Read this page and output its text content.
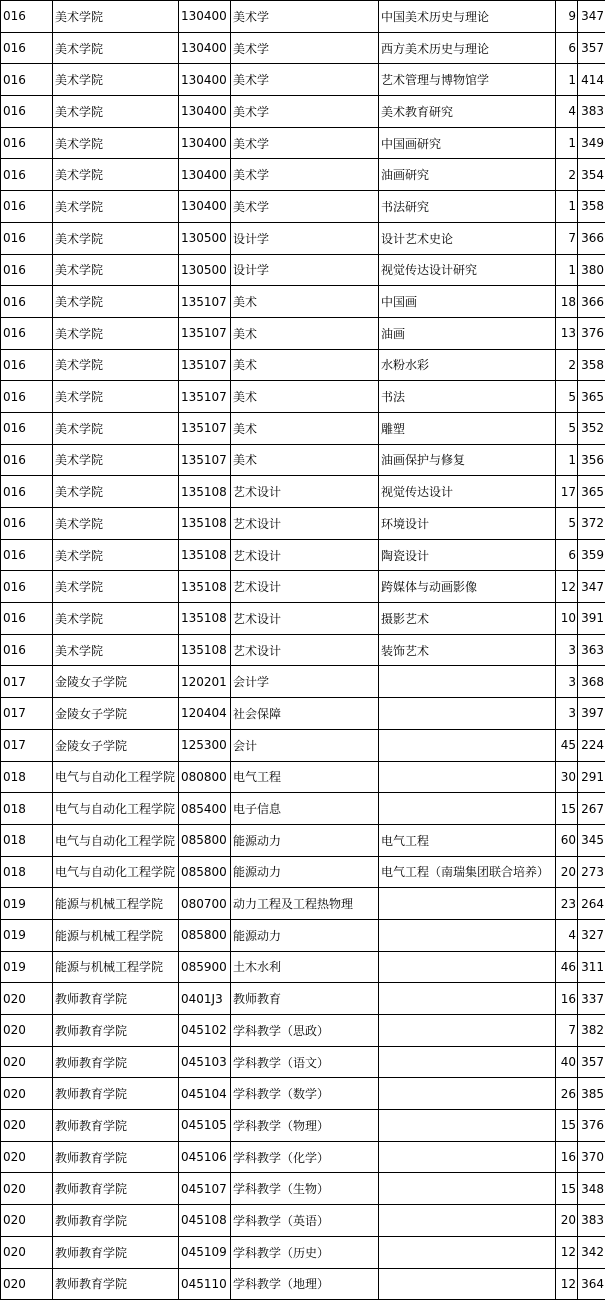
016	美术学院	130400	美术学	中国美术历史与理论	9	347
016	美术学院	130400	美术学	西方美术历史与理论	6	357
016	美术学院	130400	美术学	艺术管理与博物馆学	1	414
016	美术学院	130400	美术学	美术教育研究	4	383
016	美术学院	130400	美术学	中国画研究	1	349
016	美术学院	130400	美术学	油画研究	2	354
016	美术学院	130400	美术学	书法研究	1	358
016	美术学院	130500	设计学	设计艺术史论	7	366
016	美术学院	130500	设计学	视觉传达设计研究	1	380
016	美术学院	135107	美术	中国画	18	366
016	美术学院	135107	美术	油画	13	376
016	美术学院	135107	美术	水粉水彩	2	358
016	美术学院	135107	美术	书法	5	365
016	美术学院	135107	美术	雕塑	5	352
016	美术学院	135107	美术	油画保护与修复	1	356
016	美术学院	135108	艺术设计	视觉传达设计	17	365
016	美术学院	135108	艺术设计	环境设计	5	372
016	美术学院	135108	艺术设计	陶瓷设计	6	359
016	美术学院	135108	艺术设计	跨媒体与动画影像	12	347
016	美术学院	135108	艺术设计	摄影艺术	10	391
016	美术学院	135108	艺术设计	装饰艺术	3	363
017	金陵女子学院	120201	会计学		3	368
017	金陵女子学院	120404	社会保障		3	397
017	金陵女子学院	125300	会计		45	224
018	电气与自动化工程学院	080800	电气工程		30	291
018	电气与自动化工程学院	085400	电子信息		15	267
018	电气与自动化工程学院	085800	能源动力	电气工程	60	345
018	电气与自动化工程学院	085800	能源动力	电气工程（南瑞集团联合培养）	20	273
019	能源与机械工程学院	080700	动力工程及工程热物理		23	264
019	能源与机械工程学院	085800	能源动力		4	327
019	能源与机械工程学院	085900	土木水利		46	311
020	教师教育学院	0401J3	教师教育		16	337
020	教师教育学院	045102	学科教学（思政）		7	382
020	教师教育学院	045103	学科教学（语文）		40	357
020	教师教育学院	045104	学科教学（数学）		26	385
020	教师教育学院	045105	学科教学（物理）		15	376
020	教师教育学院	045106	学科教学（化学）		16	370
020	教师教育学院	045107	学科教学（生物）		15	348
020	教师教育学院	045108	学科教学（英语）		20	383
020	教师教育学院	045109	学科教学（历史）		12	342
020	教师教育学院	045110	学科教学（地理）		12	364
